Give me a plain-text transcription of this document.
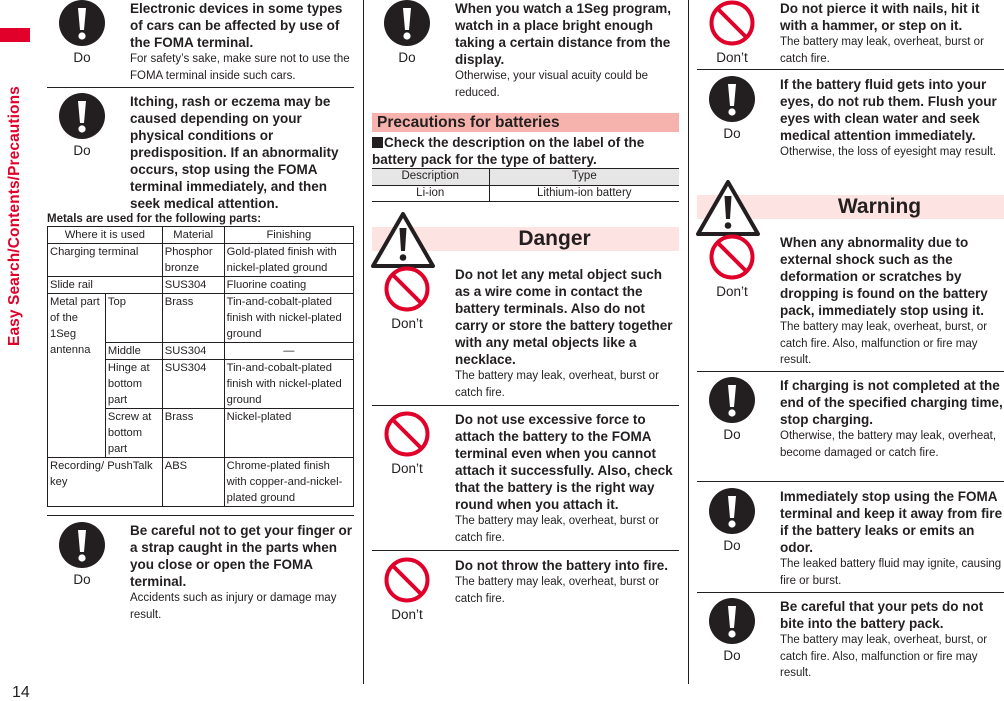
Easy Search/Contents/Precautions
14
Do
Electronic devices in some types of cars can be affected by use of the FOMA terminal.
For safety’s sake, make sure not to use the FOMA terminal inside such cars.
Do
Itching, rash or eczema may be caused depending on your physical conditions or predisposition. If an abnormality occurs, stop using the FOMA terminal immediately, and then seek medical attention.
Metals are used for the following parts:
Where it is used		Material	Finishing
Charging terminal		Phosphor bronze	Gold-plated finish with nickel-plated ground
Slide rail		SUS304	Fluorine coating
Metal part of the 1Seg antenna	Top	Brass	Tin-and-cobalt-plated finish with nickel-plated ground
	Middle	SUS304	—
	Hinge at bottom part	SUS304	Tin-and-cobalt-plated finish with nickel-plated ground
	Screw at bottom part	Brass	Nickel-plated
Recording/ PushTalk key		ABS	Chrome-plated finish with copper-and-nickel-plated ground
Do
Be careful not to get your finger or a strap caught in the parts when you close or open the FOMA terminal.
Accidents such as injury or damage may result.
Do
When you watch a 1Seg program, watch in a place bright enough taking a certain distance from the display.
Otherwise, your visual acuity could be reduced.
Precautions for batteries
Check the description on the label of the battery pack for the type of battery.
Description	Type
Li-ion	Lithium-ion battery
Danger
Don’t
Do not let any metal object such as a wire come in contact the battery terminals. Also do not carry or store the battery together with any metal objects like a necklace.
The battery may leak, overheat, burst or catch fire.
Don’t
Do not use excessive force to attach the battery to the FOMA terminal even when you cannot attach it successfully. Also, check that the battery is the right way round when you attach it.
The battery may leak, overheat, burst or catch fire.
Don’t
Do not throw the battery into fire.
The battery may leak, overheat, burst or catch fire.
Don’t
Do not pierce it with nails, hit it with a hammer, or step on it.
The battery may leak, overheat, burst or catch fire.
Do
If the battery fluid gets into your eyes, do not rub them. Flush your eyes with clean water and seek medical attention immediately.
Otherwise, the loss of eyesight may result.
Warning
Don’t
When any abnormality due to external shock such as the deformation or scratches by dropping is found on the battery pack, immediately stop using it.
The battery may leak, overheat, burst, or catch fire. Also, malfunction or fire may result.
Do
If charging is not completed at the end of the specified charging time, stop charging.
Otherwise, the battery may leak, overheat, become damaged or catch fire.
Do
Immediately stop using the FOMA terminal and keep it away from fire if the battery leaks or emits an odor.
The leaked battery fluid may ignite, causing fire or burst.
Do
Be careful that your pets do not bite into the battery pack.
The battery may leak, overheat, burst, or catch fire. Also, malfunction or fire may result.
